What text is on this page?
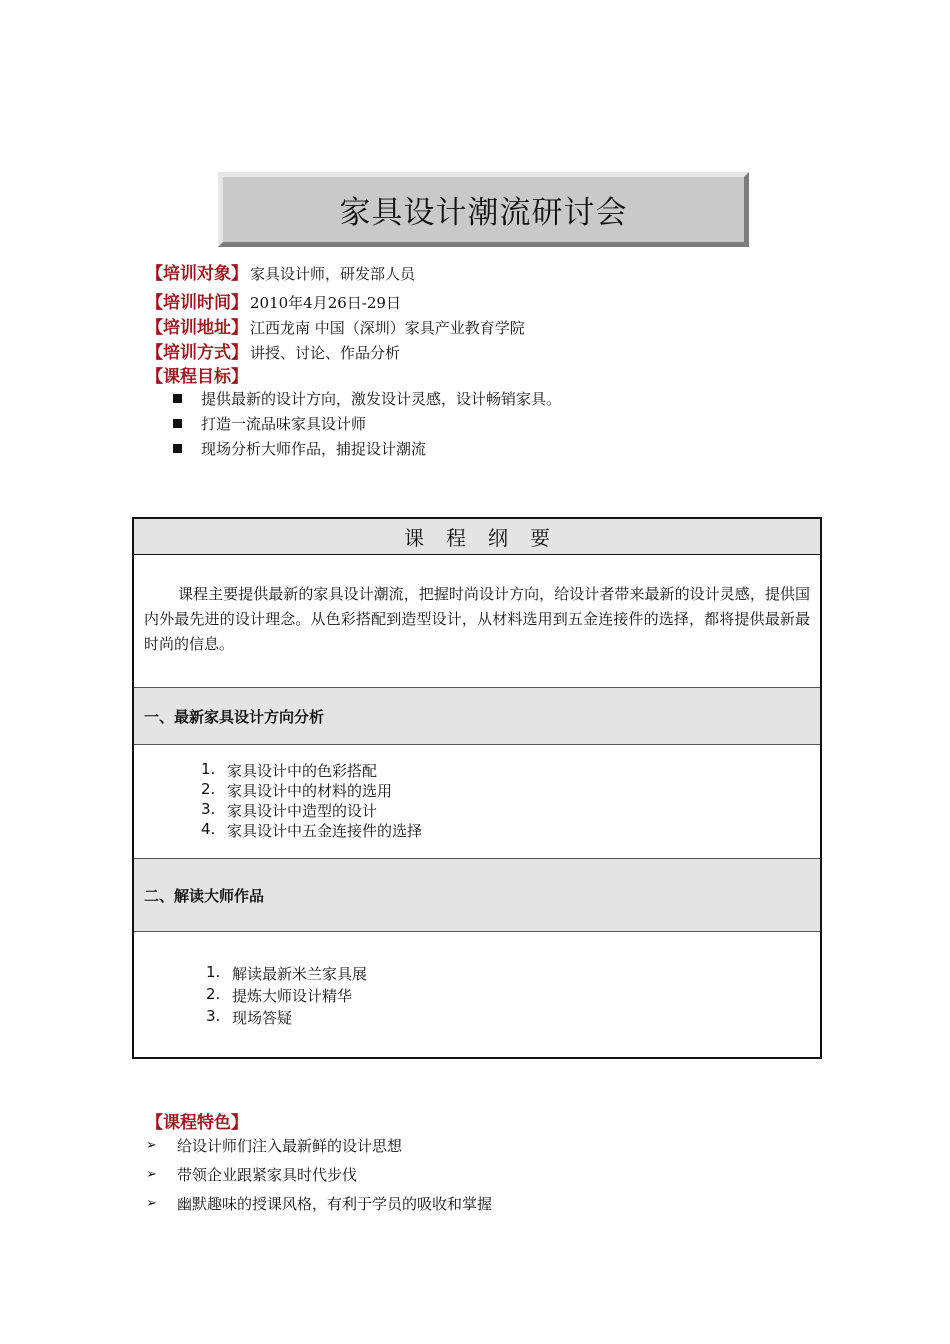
家具设计潮流研讨会
【培训对象】 家具设计师，研发部人员
【培训时间】 2010年4月26日-29日
【培训地址】 江西龙南 中国（深圳）家具产业教育学院
【培训方式】 讲授、讨论、作品分析
【课程目标】
提供最新的设计方向，激发设计灵感，设计畅销家具。
打造一流品味家具设计师
现场分析大师作品，捕捉设计潮流
课程纲要

课程主要提供最新的家具设计潮流，把握时尚设计方向，给设计者带来最新的设计灵感，提供国内外最先进的设计理念。从色彩搭配到造型设计，从材料选用到五金连接件的选择，都将提供最新最时尚的信息。

一、最新家具设计方向分析
1. 家具设计中的色彩搭配
2. 家具设计中的材料的选用
3. 家具设计中造型的设计
4. 家具设计中五金连接件的选择
二、解读大师作品
1. 解读最新米兰家具展
2. 提炼大师设计精华
3. 现场答疑
【课程特色】
➢	给设计师们注入最新鲜的设计思想
➢	带领企业跟紧家具时代步伐
➢	幽默趣味的授课风格，有利于学员的吸收和掌握
